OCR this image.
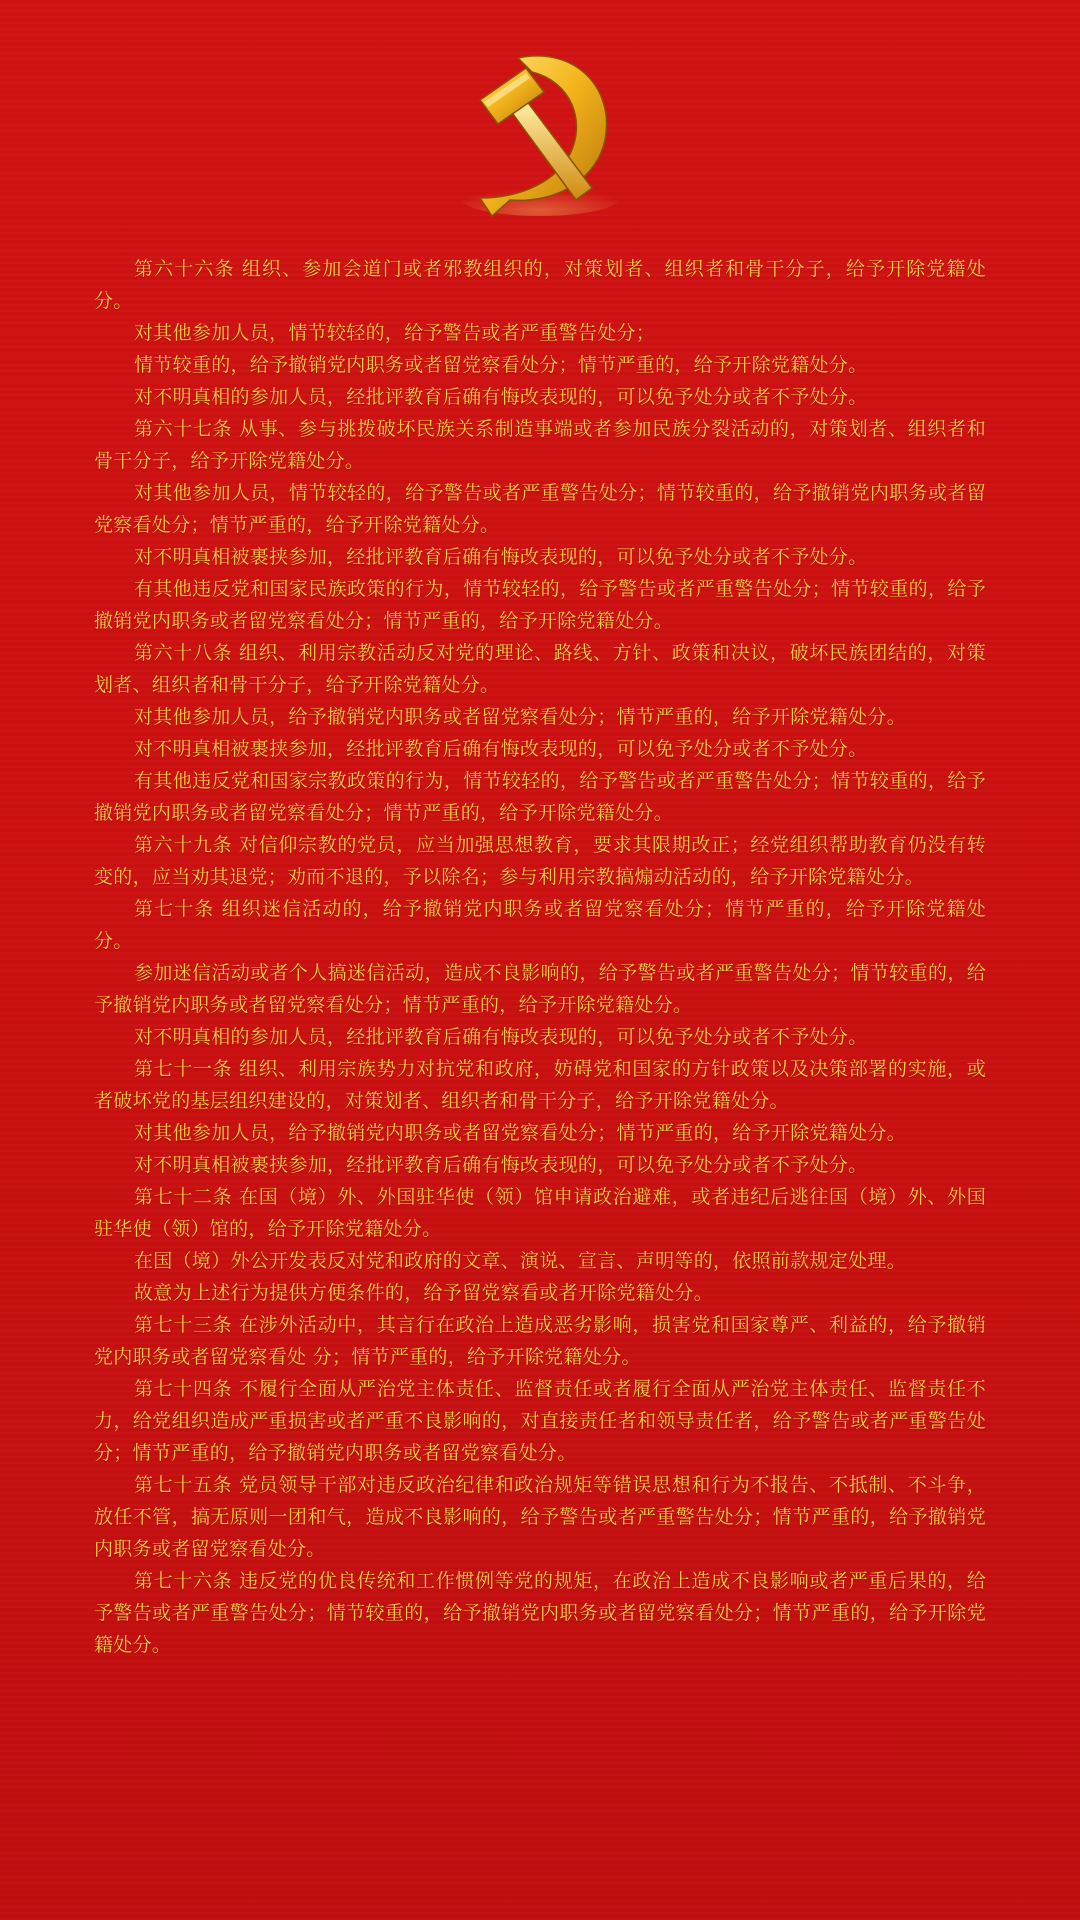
第六十六条 组织、参加会道门或者邪教组织的，对策划者、组织者和骨干分子，给予开除党籍处分。

对其他参加人员，情节较轻的，给予警告或者严重警告处分；

情节较重的，给予撤销党内职务或者留党察看处分；情节严重的，给予开除党籍处分。

对不明真相的参加人员，经批评教育后确有悔改表现的，可以免予处分或者不予处分。

第六十七条 从事、参与挑拨破坏民族关系制造事端或者参加民族分裂活动的，对策划者、组织者和骨干分子，给予开除党籍处分。

对其他参加人员，情节较轻的，给予警告或者严重警告处分；情节较重的，给予撤销党内职务或者留党察看处分；情节严重的，给予开除党籍处分。

对不明真相被裹挟参加，经批评教育后确有悔改表现的，可以免予处分或者不予处分。

有其他违反党和国家民族政策的行为，情节较轻的，给予警告或者严重警告处分；情节较重的，给予撤销党内职务或者留党察看处分；情节严重的，给予开除党籍处分。

第六十八条 组织、利用宗教活动反对党的理论、路线、方针、政策和决议，破坏民族团结的，对策划者、组织者和骨干分子，给予开除党籍处分。

对其他参加人员，给予撤销党内职务或者留党察看处分；情节严重的，给予开除党籍处分。

对不明真相被裹挟参加，经批评教育后确有悔改表现的，可以免予处分或者不予处分。

有其他违反党和国家宗教政策的行为，情节较轻的，给予警告或者严重警告处分；情节较重的，给予撤销党内职务或者留党察看处分；情节严重的，给予开除党籍处分。

第六十九条 对信仰宗教的党员，应当加强思想教育，要求其限期改正；经党组织帮助教育仍没有转变的，应当劝其退党；劝而不退的，予以除名；参与利用宗教搞煽动活动的，给予开除党籍处分。

第七十条 组织迷信活动的，给予撤销党内职务或者留党察看处分；情节严重的，给予开除党籍处分。

参加迷信活动或者个人搞迷信活动，造成不良影响的，给予警告或者严重警告处分；情节较重的，给予撤销党内职务或者留党察看处分；情节严重的，给予开除党籍处分。

对不明真相的参加人员，经批评教育后确有悔改表现的，可以免予处分或者不予处分。

第七十一条 组织、利用宗族势力对抗党和政府，妨碍党和国家的方针政策以及决策部署的实施，或者破坏党的基层组织建设的，对策划者、组织者和骨干分子，给予开除党籍处分。

对其他参加人员，给予撤销党内职务或者留党察看处分；情节严重的，给予开除党籍处分。

对不明真相被裹挟参加，经批评教育后确有悔改表现的，可以免予处分或者不予处分。

第七十二条 在国（境）外、外国驻华使（领）馆申请政治避难，或者违纪后逃往国（境）外、外国驻华使（领）馆的，给予开除党籍处分。

在国（境）外公开发表反对党和政府的文章、演说、宣言、声明等的，依照前款规定处理。

故意为上述行为提供方便条件的，给予留党察看或者开除党籍处分。

第七十三条 在涉外活动中，其言行在政治上造成恶劣影响，损害党和国家尊严、利益的，给予撤销党内职务或者留党察看处 分；情节严重的，给予开除党籍处分。

第七十四条 不履行全面从严治党主体责任、监督责任或者履行全面从严治党主体责任、监督责任不力，给党组织造成严重损害或者严重不良影响的，对直接责任者和领导责任者，给予警告或者严重警告处分；情节严重的，给予撤销党内职务或者留党察看处分。

第七十五条 党员领导干部对违反政治纪律和政治规矩等错误思想和行为不报告、不抵制、不斗争，放任不管，搞无原则一团和气，造成不良影响的，给予警告或者严重警告处分；情节严重的，给予撤销党内职务或者留党察看处分。

第七十六条 违反党的优良传统和工作惯例等党的规矩，在政治上造成不良影响或者严重后果的，给予警告或者严重警告处分；情节较重的，给予撤销党内职务或者留党察看处分；情节严重的，给予开除党籍处分。
